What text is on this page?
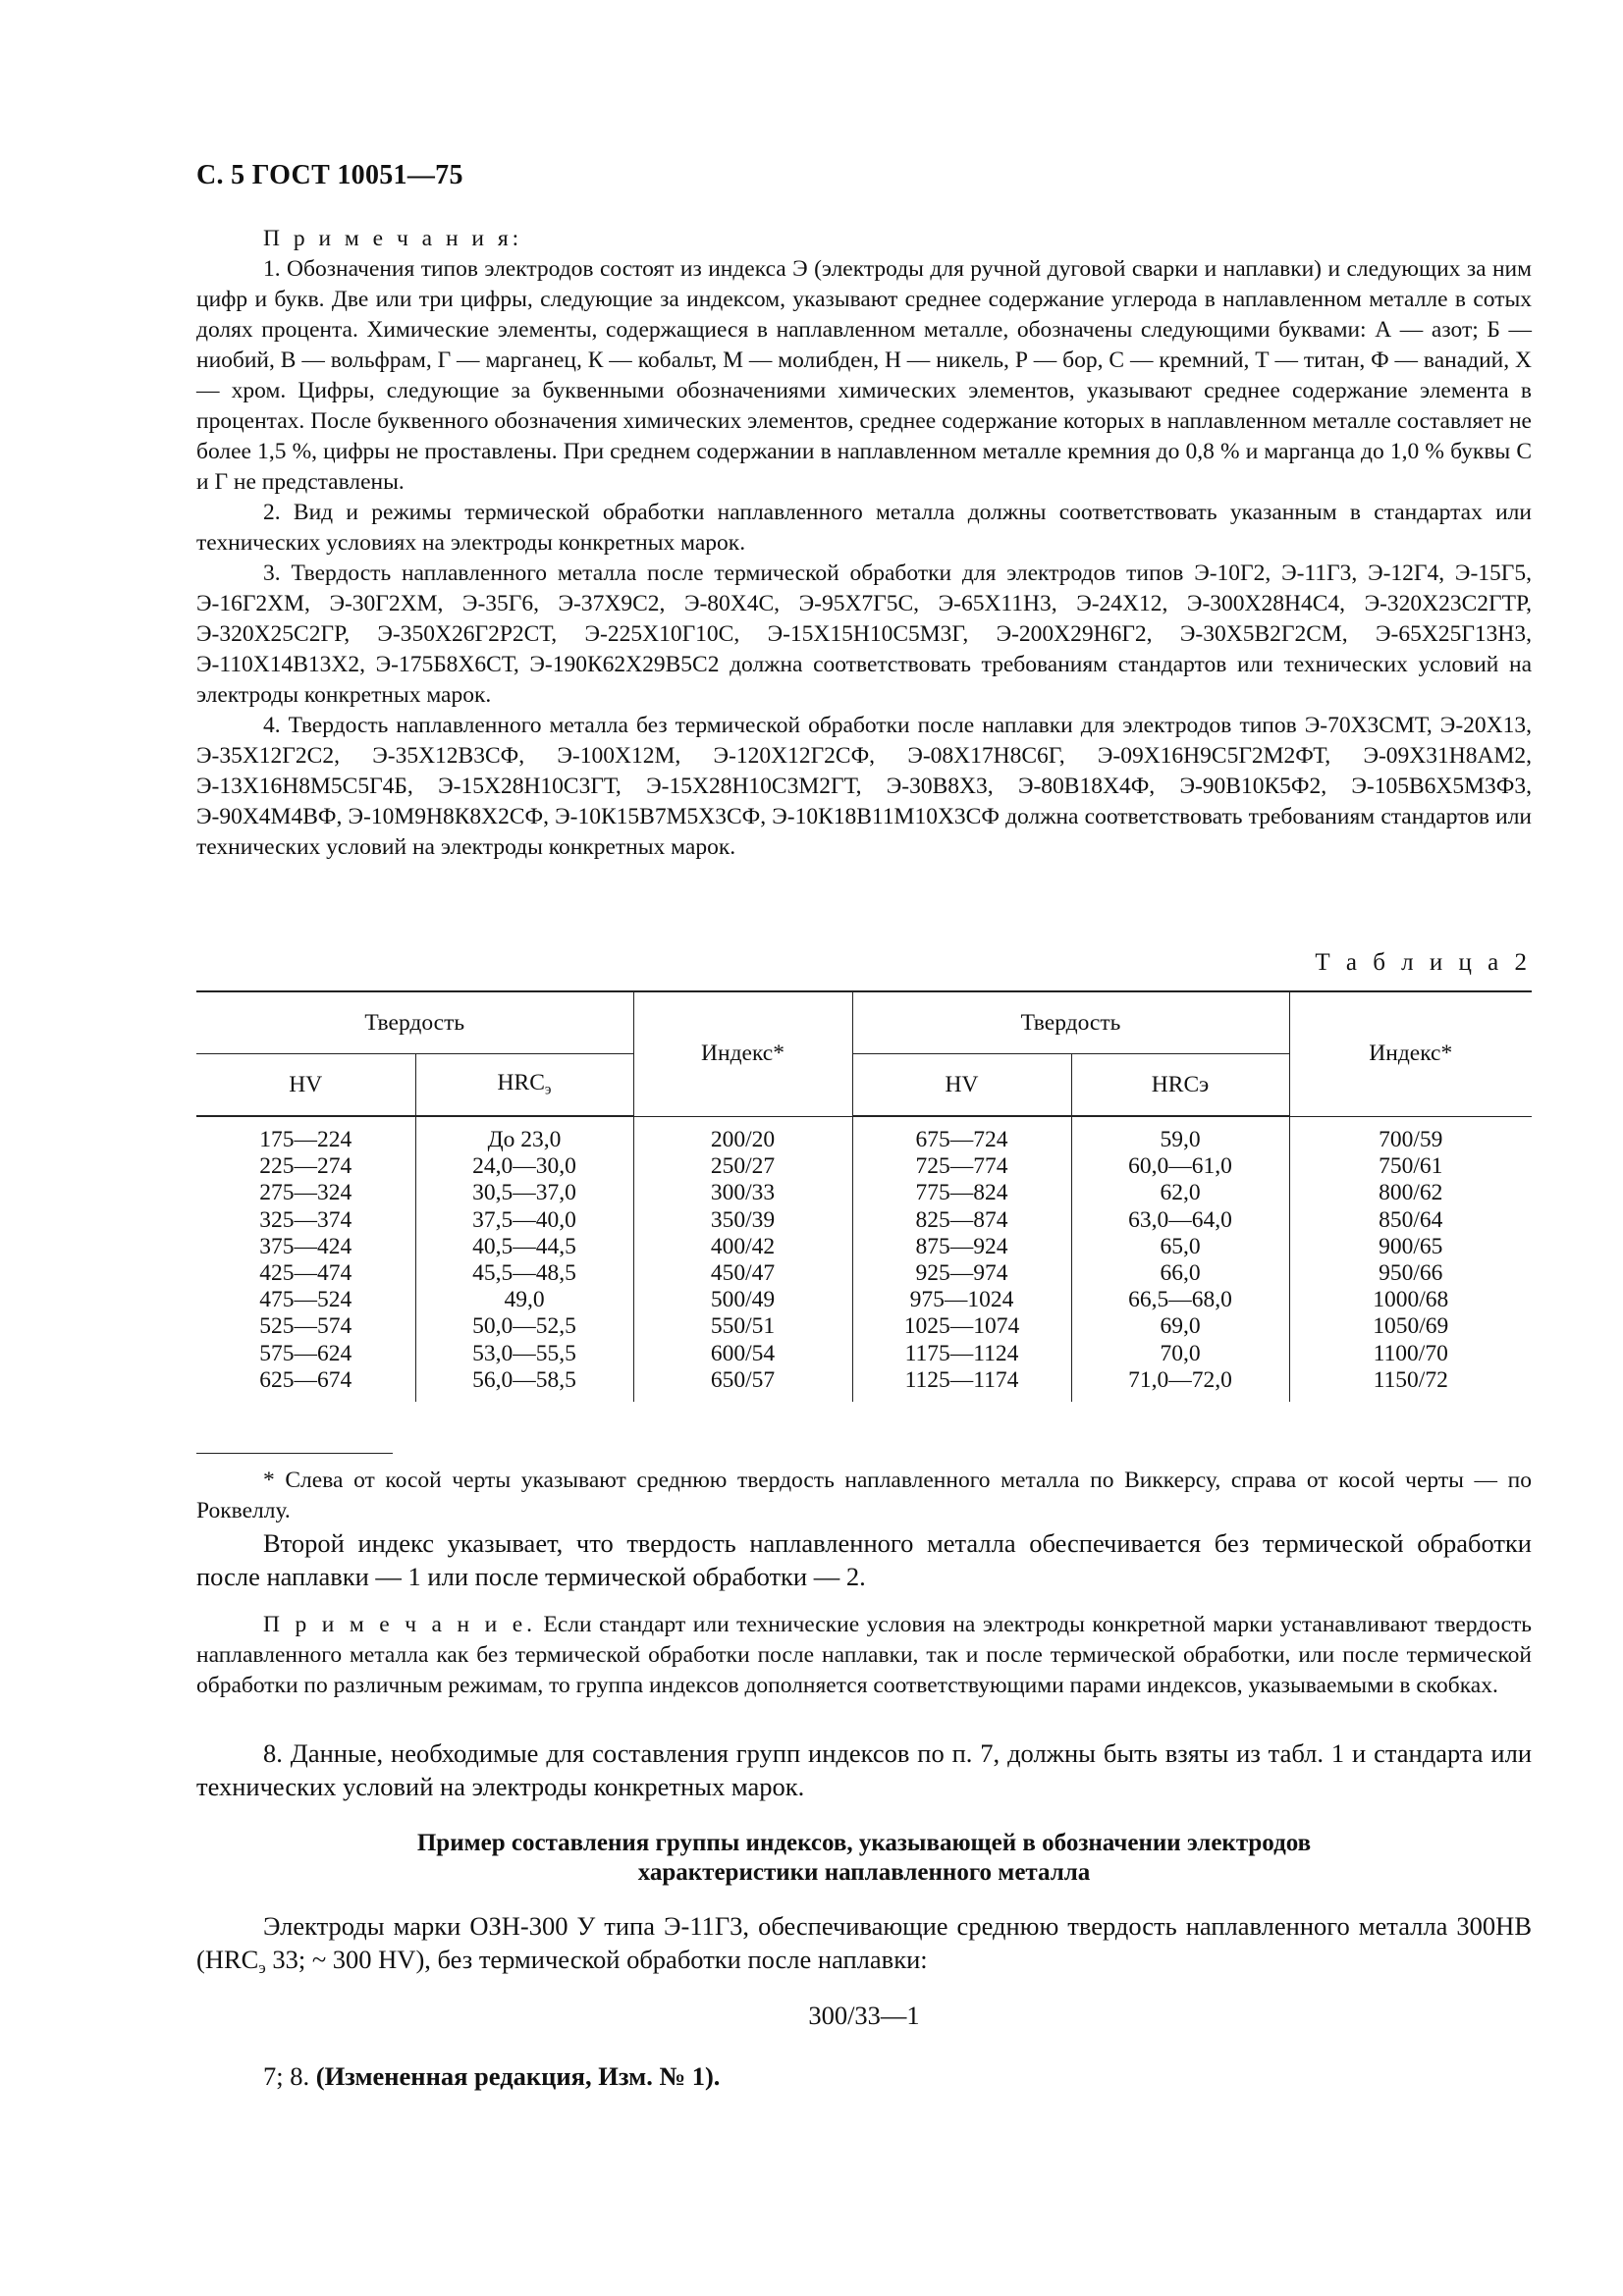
С. 5 ГОСТ 10051—75

П р и м е ч а н и я:

1. Обозначения типов электродов состоят из индекса Э (электроды для ручной дуговой сварки и наплавки) и следующих за ним цифр и букв. Две или три цифры, следующие за индексом, указывают среднее содержание углерода в наплавленном металле в сотых долях процента. Химические элементы, содержащиеся в наплавленном металле, обозначены следующими буквами: А — азот; Б — ниобий, В — вольфрам, Г — марганец, К — кобальт, М — молибден, Н — никель, Р — бор, С — кремний, Т — титан, Ф — ванадий, Х — хром. Цифры, следующие за буквенными обозначениями химических элементов, указывают среднее содержание элемента в процентах. После буквенного обозначения химических элементов, среднее содержание которых в наплавленном металле составляет не более 1,5 %, цифры не проставлены. При среднем содержании в наплавленном металле кремния до 0,8 % и марганца до 1,0 % буквы С и Г не представлены.

2. Вид и режимы термической обработки наплавленного металла должны соответствовать указанным в стандартах или технических условиях на электроды конкретных марок.

3. Твердость наплавленного металла после термической обработки для электродов типов Э-10Г2, Э-11Г3, Э-12Г4, Э-15Г5, Э-16Г2ХМ, Э-30Г2ХМ, Э-35Г6, Э-37Х9С2, Э-80Х4С, Э-95Х7Г5С, Э-65Х11Н3, Э-24Х12, Э-300Х28Н4С4, Э-320Х23С2ГТР, Э-320Х25С2ГР, Э-350Х26Г2Р2СТ, Э-225Х10Г10С, Э-15Х15Н10С5М3Г, Э-200Х29Н6Г2, Э-30Х5В2Г2СМ, Э-65Х25Г13Н3, Э-110Х14В13Х2, Э-175Б8Х6СТ, Э-190К62Х29В5С2 должна соответствовать требованиям стандартов или технических условий на электроды конкретных марок.

4. Твердость наплавленного металла без термической обработки после наплавки для электродов типов Э-70Х3СМТ, Э-20Х13, Э-35Х12Г2С2, Э-35Х12В3СФ, Э-100Х12М, Э-120Х12Г2СФ, Э-08Х17Н8С6Г, Э-09Х16Н9С5Г2М2ФТ, Э-09Х31Н8АМ2, Э-13Х16Н8М5С5Г4Б, Э-15Х28Н10С3ГТ, Э-15Х28Н10С3М2ГТ, Э-30В8Х3, Э-80В18Х4Ф, Э-90В10К5Ф2, Э-105В6Х5М3Ф3, Э-90Х4М4ВФ, Э-10М9Н8К8Х2СФ, Э-10К15В7М5Х3СФ, Э-10К18В11М10Х3СФ должна соответствовать требованиям стандартов или технических условий на электроды конкретных марок.

Т а б л и ц а 2
Твердость		Индекс*	Твердость		Индекс*
HV	$HRC_э$		HV	HRCэ	
175—224	До 23,0	200/20	675—724	59,0	700/59
225—274	24,0—30,0	250/27	725—774	60,0—61,0	750/61
275—324	30,5—37,0	300/33	775—824	62,0	800/62
325—374	37,5—40,0	350/39	825—874	63,0—64,0	850/64
375—424	40,5—44,5	400/42	875—924	65,0	900/65
425—474	45,5—48,5	450/47	925—974	66,0	950/66
475—524	49,0	500/49	975—1024	66,5—68,0	1000/68
525—574	50,0—52,5	550/51	1025—1074	69,0	1050/69
575—624	53,0—55,5	600/54	1175—1124	70,0	1100/70
625—674	56,0—58,5	650/57	1125—1174	71,0—72,0	1150/72

* Слева от косой черты указывают среднюю твердость наплавленного металла по Виккерсу, справа от косой черты — по Роквеллу.

Второй индекс указывает, что твердость наплавленного металла обеспечивается без термической обработки после наплавки — 1 или после термической обработки — 2.

П р и м е ч а н и е. Если стандарт или технические условия на электроды конкретной марки устанавливают твердость наплавленного металла как без термической обработки после наплавки, так и после термической обработки, или после термической обработки по различным режимам, то группа индексов дополняется соответствующими парами индексов, указываемыми в скобках.

8. Данные, необходимые для составления групп индексов по п. 7, должны быть взяты из табл. 1 и стандарта или технических условий на электроды конкретных марок.

Пример составления группы индексов, указывающей в обозначении электродов
характеристики наплавленного металла

Электроды марки ОЗН-300 У типа Э-11Г3, обеспечивающие среднюю твердость наплавленного металла 300НВ ($HRC_э$ 33; ~ 300 HV), без термической обработки после наплавки:

300/33—1
7; 8. (Измененная редакция, Изм. № 1).
